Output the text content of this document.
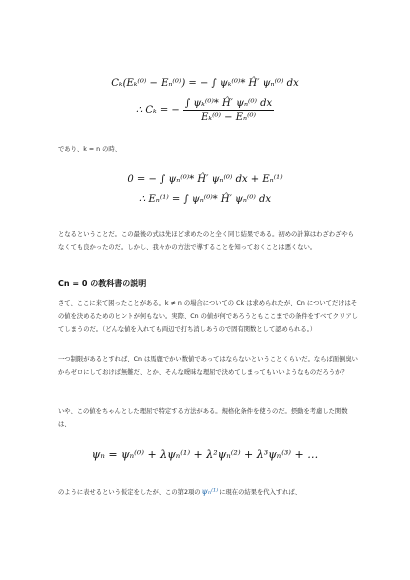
Cₖ(Eₖ⁽⁰⁾ − Eₙ⁽⁰⁾) = − ∫ ψₖ⁽⁰⁾* Ĥ′ ψₙ⁽⁰⁾ dx
∴ Cₖ = − $\frac{\text{∫ ψₖ⁽⁰⁾* Ĥ′ ψₙ⁽⁰⁾ dx}}{\text{Eₖ⁽⁰⁾ − Eₙ⁽⁰⁾}}$
であり、k = n の時、
0 = − ∫ ψₙ⁽⁰⁾* Ĥ′ ψₙ⁽⁰⁾ dx + Eₙ⁽¹⁾
∴ Eₙ⁽¹⁾ = ∫ ψₙ⁽⁰⁾* Ĥ′ ψₙ⁽⁰⁾ dx
となるということだ。この最後の式は先ほど求めたのと全く同じ結果である。初めの計算はわざわざやらなくても良かったのだ。しかし、我々かの方法で導することを知っておくことは悪くない。
Cn = 0 の教科書の説明
さて、ここに来て困ったことがある。k ≠ n の場合についての Ck は求められたが、Cn についてだけはその値を決めるためのヒントが何もない。実際、Cn の値が何であろうともここまでの条件をすべてクリアしてしまうのだ。（どんな値を入れても両辺で打ち消しあうので固有関数として認められる。）
一つ制限があるとすれば、Cn は馬鹿でかい数値であってはならないということくらいだ。ならば面倒臭いからゼロにしておけば無難だ、とか、そんな曖昧な理屈で決めてしまってもいいようなものだろうか？
いや、この値をちゃんとした理屈で特定する方法がある。規格化条件を使うのだ。摂動を考慮した関数は、
ψₙ = ψₙ⁽⁰⁾ + λψₙ⁽¹⁾ + λ²ψₙ⁽²⁾ + λ³ψₙ⁽³⁾ + …
のように表せるという仮定をしたが、この第2項のψₙ⁽¹⁾に現在の結果を代入すれば、
